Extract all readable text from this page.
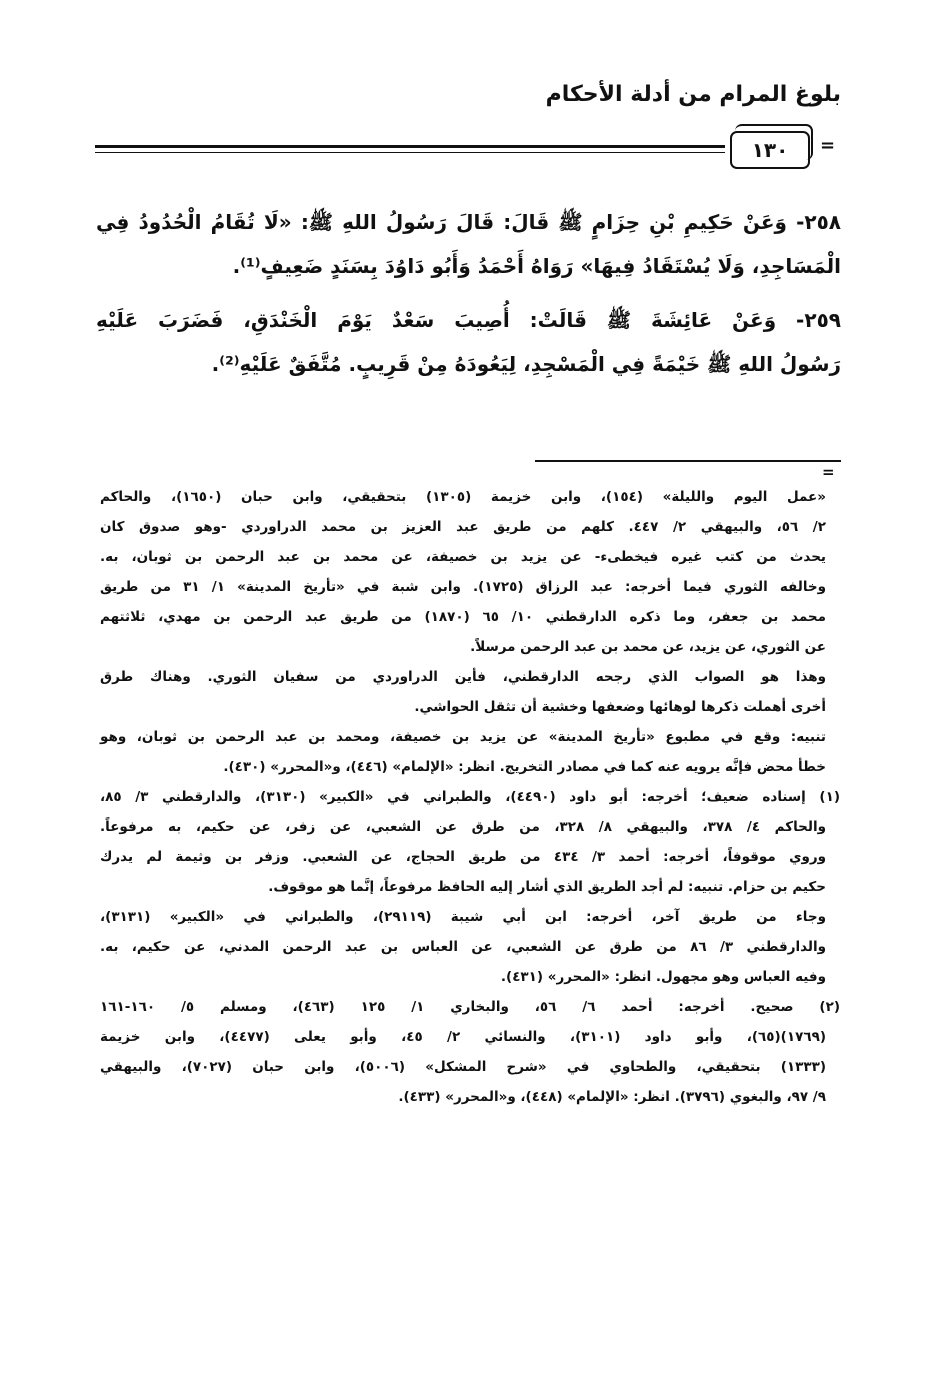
بلوغ المرام من أدلة الأحكام
١٣٠	=
٢٥٨- وَعَنْ حَكِيمِ بْنِ حِزَامٍ ﷺ قَالَ: قَالَ رَسُولُ اللهِ ﷺ: «لَا تُقَامُ الْحُدُودُ فِي
الْمَسَاجِدِ، وَلَا يُسْتَقَادُ فِيهَا» رَوَاهُ أَحْمَدُ وَأَبُو دَاوُدَ بِسَنَدٍ ضَعِيفٍ⁽¹⁾.
٢٥٩- وَعَنْ عَائِشَةَ ﷺ قَالَتْ: أُصِيبَ سَعْدٌ يَوْمَ الْخَنْدَقِ، فَضَرَبَ عَلَيْهِ
رَسُولُ اللهِ ﷺ خَيْمَةً فِي الْمَسْجِدِ، لِيَعُودَهُ مِنْ قَرِيبٍ. مُتَّفَقٌ عَلَيْهِ⁽²⁾.
=
«عمل اليوم والليلة» (١٥٤)، وابن خزيمة (١٣٠٥) بتحقيقي، وابن حبان (١٦٥٠)، والحاكم
٢/ ٥٦، والبيهقي ٢/ ٤٤٧. كلهم من طريق عبد العزيز بن محمد الدراوردي -وهو صدوق كان
يحدث من كتب غيره فيخطىء- عن يزيد بن خصيفة، عن محمد بن عبد الرحمن بن ثوبان، به.
وخالفه الثوري فيما أخرجه: عبد الرزاق (١٧٢٥). وابن شبة في «تأريخ المدينة» ١/ ٣١ من طريق
محمد بن جعفر، وما ذكره الدارقطني ١٠/ ٦٥ (١٨٧٠) من طريق عبد الرحمن بن مهدي، ثلاثتهم
عن الثوري، عن يزيد، عن محمد بن عبد الرحمن مرسلاً.
وهذا هو الصواب الذي رجحه الدارقطني، فأين الدراوردي من سفيان الثوري. وهناك طرق
أخرى أهملت ذكرها لوهائها وضعفها وخشية أن تثقل الحواشي.
تنبيه: وقع في مطبوع «تأريخ المدينة» عن يزيد بن خصيفة، ومحمد بن عبد الرحمن بن ثوبان، وهو
خطأ محض فإنَّه يرويه عنه كما في مصادر التخريج. انظر: «الإلمام» (٤٤٦)، و«المحرر» (٤٣٠).
(١) إسناده ضعيف؛ أخرجه: أبو داود (٤٤٩٠)، والطبراني في «الكبير» (٣١٣٠)، والدارقطني ٣/ ٨٥،
والحاكم ٤/ ٣٧٨، والبيهقي ٨/ ٣٢٨، من طرق عن الشعبي، عن زفر، عن حكيم، به مرفوعاً.
وروي موقوفاً، أخرجه: أحمد ٣/ ٤٣٤ من طريق الحجاج، عن الشعبي. وزفر بن وثيمة لم يدرك
حكيم بن حزام. تنبيه: لم أجد الطريق الذي أشار إليه الحافظ مرفوعاً، إنَّما هو موقوف.
وجاء من طريق آخر، أخرجه: ابن أبي شيبة (٢٩١١٩)، والطبراني في «الكبير» (٣١٣١)،
والدارقطني ٣/ ٨٦ من طرق عن الشعبي، عن العباس بن عبد الرحمن المدني، عن حكيم، به.
وفيه العباس وهو مجهول. انظر: «المحرر» (٤٣١).
(٢) صحيح. أخرجه: أحمد ٦/ ٥٦، والبخاري ١/ ١٢٥ (٤٦٣)، ومسلم ٥/ ١٦٠-١٦١
(١٧٦٩)(٦٥)، وأبو داود (٣١٠١)، والنسائي ٢/ ٤٥، وأبو يعلى (٤٤٧٧)، وابن خزيمة
(١٣٣٣) بتحقيقي، والطحاوي في «شرح المشكل» (٥٠٠٦)، وابن حبان (٧٠٢٧)، والبيهقي
٩/ ٩٧، والبغوي (٣٧٩٦). انظر: «الإلمام» (٤٤٨)، و«المحرر» (٤٣٣).
